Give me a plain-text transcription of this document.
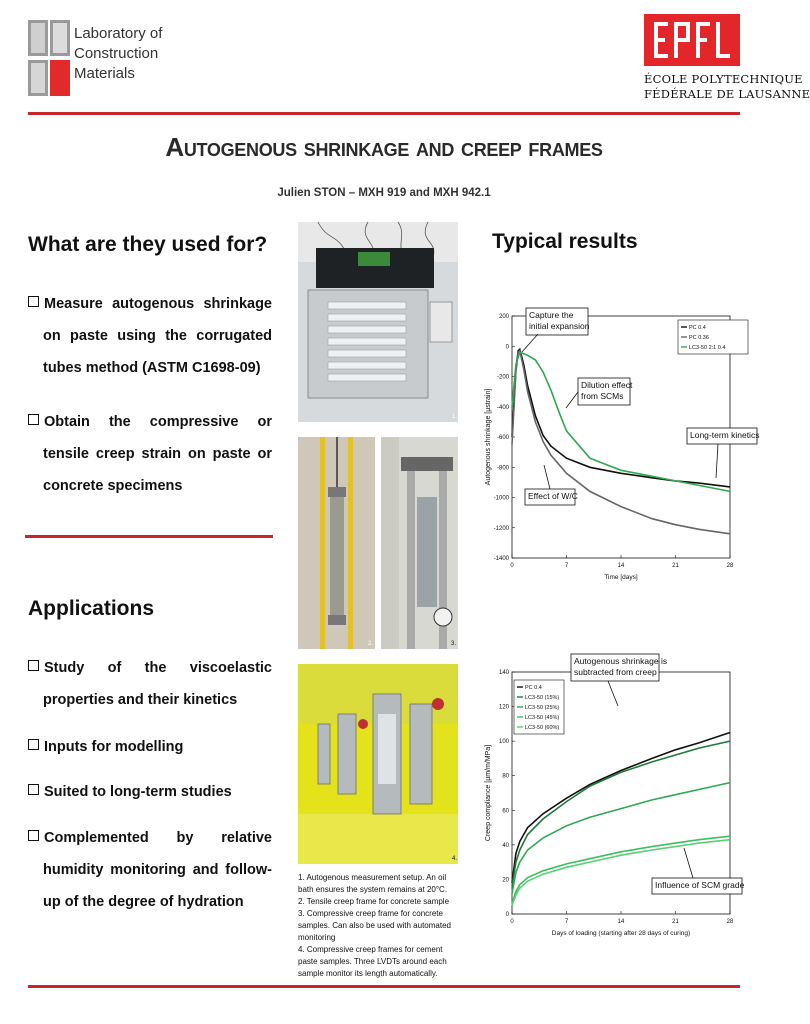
Laboratory of
Construction
Materials	ÉCOLE POLYTECHNIQUE
FÉDÉRALE DE LAUSANNE
Autogenous shrinkage and creep frames
Julien STON – MXH 919 and MXH 942.1
What are they used for?
Measure autogenous shrinkage on paste using the corrugated tubes method (ASTM C1698-09)
Obtain the compressive or tensile creep strain on paste or concrete specimens
Applications
Study of the viscoelastic properties and their kinetics
Inputs for modelling
Suited to long-term studies
Complemented by relative humidity monitoring and follow-up of the degree of hydration
1.
2.	3.
4.
1. Autogenous measurement setup. An oil bath ensures the system remains at 20°C.
2. Tensile creep frame for concrete sample
3. Compressive creep frame for concrete samples. Can also be used with automated monitoring
4. Compressive creep frames for cement paste samples. Three LVDTs around each sample monitor its length automatically.
Typical results
0	7	14	21	28
200
0
-200
-400
-600
-800
-1000
-1200
-1400
Time [days]
Autogenous shrinkage [µstrain]
PC 0.4
PC 0.36
LC3-50 2:1 0.4
Capture the
initial expansion
Dilution effect
from SCMs
Long-term kinetics
Effect of W/C
0	7	14	21	28
0
20
40
60
80
100
120
140
Days of loading (starting after 28 days of curing)
Creep compliance [µm/m/MPa]
PC 0.4
LC3-50 (15%)
LC3-50 (25%)
LC3-50 (45%)
LC3-50 (60%)
Autogenous shrinkage is
subtracted from creep
Influence of SCM grade
